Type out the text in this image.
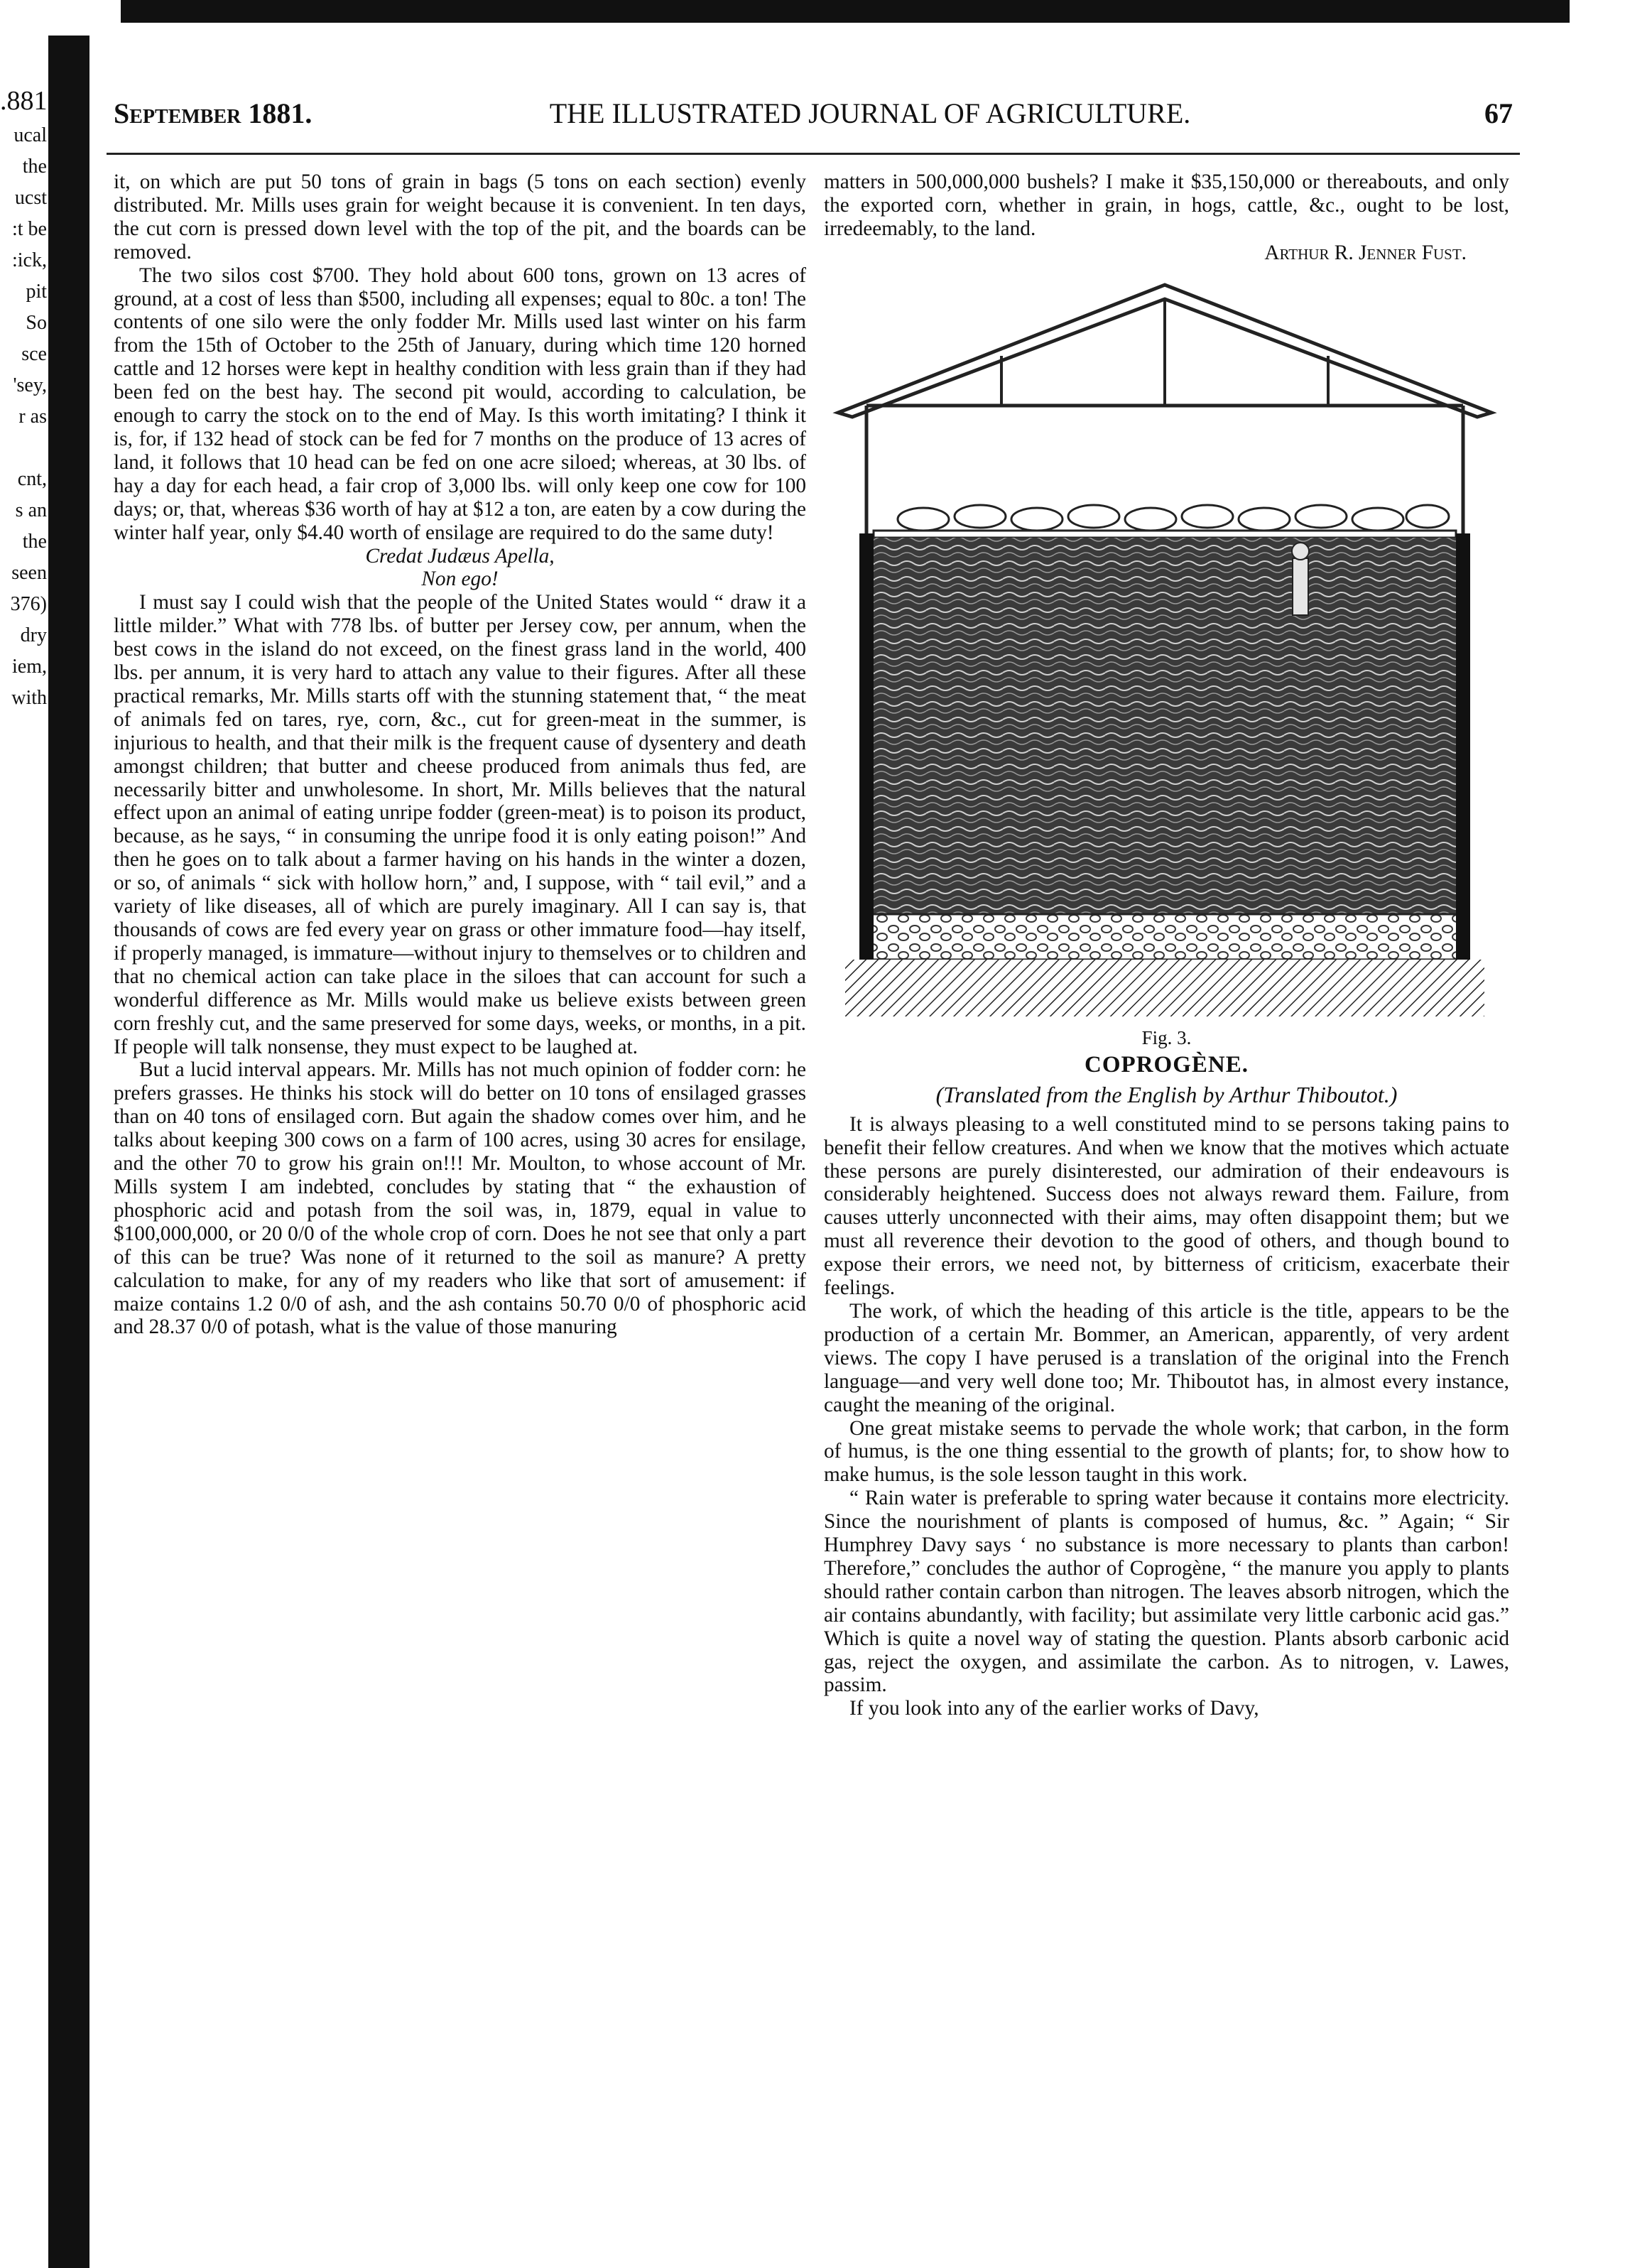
.881
ucal
the
ucst
:t be
:ick,
pit
So
sce
'sey,
r as
cnt,
s an
the
seen
376)
dry
iem,
with
September 1881.	THE ILLUSTRATED JOURNAL OF AGRICULTURE.	67

it, on which are put 50 tons of grain in bags (5 tons on each section) evenly distributed. Mr. Mills uses grain for weight because it is convenient. In ten days, the cut corn is pressed down level with the top of the pit, and the boards can be removed.

The two silos cost $700. They hold about 600 tons, grown on 13 acres of ground, at a cost of less than $500, including all expenses; equal to 80c. a ton! The contents of one silo were the only fodder Mr. Mills used last winter on his farm from the 15th of October to the 25th of January, during which time 120 horned cattle and 12 horses were kept in healthy condition with less grain than if they had been fed on the best hay. The second pit would, according to calculation, be enough to carry the stock on to the end of May. Is this worth imitating? I think it is, for, if 132 head of stock can be fed for 7 months on the produce of 13 acres of land, it follows that 10 head can be fed on one acre siloed; whereas, at 30 lbs. of hay a day for each head, a fair crop of 3,000 lbs. will only keep one cow for 100 days; or, that, whereas $36 worth of hay at $12 a ton, are eaten by a cow during the winter half year, only $4.40 worth of ensilage are required to do the same duty!

Credat Judæus Apella,
Non ego!

I must say I could wish that the people of the United States would “ draw it a little milder.” What with 778 lbs. of butter per Jersey cow, per annum, when the best cows in the island do not exceed, on the finest grass land in the world, 400 lbs. per annum, it is very hard to attach any value to their figures. After all these practical remarks, Mr. Mills starts off with the stunning statement that, “ the meat of animals fed on tares, rye, corn, &c., cut for green-meat in the summer, is injurious to health, and that their milk is the frequent cause of dysentery and death amongst children; that butter and cheese produced from animals thus fed, are necessarily bitter and unwholesome. In short, Mr. Mills believes that the natural effect upon an animal of eating unripe fodder (green-meat) is to poison its product, because, as he says, “ in consuming the unripe food it is only eating poison!” And then he goes on to talk about a farmer having on his hands in the winter a dozen, or so, of animals “ sick with hollow horn,” and, I suppose, with “ tail evil,” and a variety of like diseases, all of which are purely imaginary. All I can say is, that thousands of cows are fed every year on grass or other immature food—hay itself, if properly managed, is immature—without injury to themselves or to children and that no chemical action can take place in the siloes that can account for such a wonderful difference as Mr. Mills would make us believe exists between green corn freshly cut, and the same preserved for some days, weeks, or months, in a pit. If people will talk nonsense, they must expect to be laughed at.

But a lucid interval appears. Mr. Mills has not much opinion of fodder corn: he prefers grasses. He thinks his stock will do better on 10 tons of ensilaged grasses than on 40 tons of ensilaged corn. But again the shadow comes over him, and he talks about keeping 300 cows on a farm of 100 acres, using 30 acres for ensilage, and the other 70 to grow his grain on!!! Mr. Moulton, to whose account of Mr. Mills system I am indebted, concludes by stating that “ the exhaustion of phosphoric acid and potash from the soil was, in, 1879, equal in value to $100,000,000, or 20 0/0 of the whole crop of corn. Does he not see that only a part of this can be true? Was none of it returned to the soil as manure? A pretty calculation to make, for any of my readers who like that sort of amusement: if maize contains 1.2 0/0 of ash, and the ash contains 50.70 0/0 of phosphoric acid and 28.37 0/0 of potash, what is the value of those manuring

matters in 500,000,000 bushels? I make it $35,150,000 or thereabouts, and only the exported corn, whether in grain, in hogs, cattle, &c., ought to be lost, irredeemably, to the land.

Arthur R. Jenner Fust.
Fig. 3.
COPROGÈNE.
(Translated from the English by Arthur Thiboutot.)

It is always pleasing to a well constituted mind to se persons taking pains to benefit their fellow creatures. And when we know that the motives which actuate these persons are purely disinterested, our admiration of their endeavours is considerably heightened. Success does not always reward them. Failure, from causes utterly unconnected with their aims, may often disappoint them; but we must all reverence their devotion to the good of others, and though bound to expose their errors, we need not, by bitterness of criticism, exacerbate their feelings.

The work, of which the heading of this article is the title, appears to be the production of a certain Mr. Bommer, an American, apparently, of very ardent views. The copy I have perused is a translation of the original into the French language—and very well done too; Mr. Thiboutot has, in almost every instance, caught the meaning of the original.

One great mistake seems to pervade the whole work; that carbon, in the form of humus, is the one thing essential to the growth of plants; for, to show how to make humus, is the sole lesson taught in this work.

“ Rain water is preferable to spring water because it contains more electricity. Since the nourishment of plants is composed of humus, &c. ” Again; “ Sir Humphrey Davy says ‘ no substance is more necessary to plants than carbon! Therefore,” concludes the author of Coprogène, “ the manure you apply to plants should rather contain carbon than nitrogen. The leaves absorb nitrogen, which the air contains abundantly, with facility; but assimilate very little carbonic acid gas.” Which is quite a novel way of stating the question. Plants absorb carbonic acid gas, reject the oxygen, and assimilate the carbon. As to nitrogen, v. Lawes, passim.

If you look into any of the earlier works of Davy,
